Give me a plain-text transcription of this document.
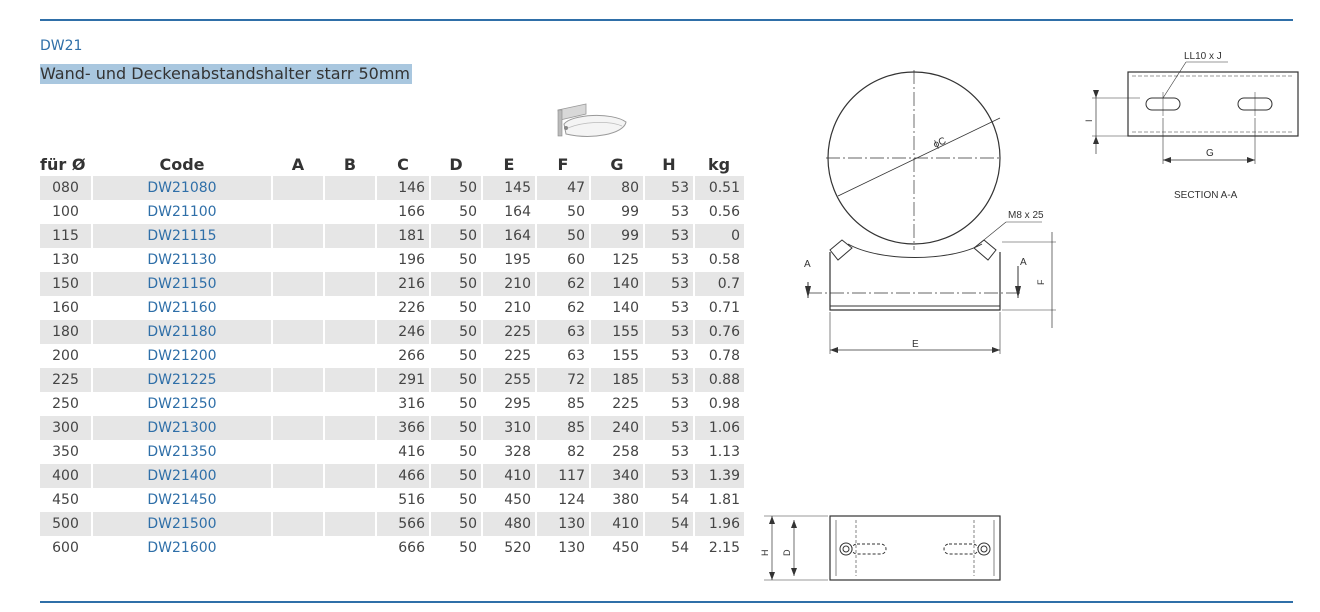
DW21
Wand- und Deckenabstandshalter starr 50mm
für Ø	Code	A	B	C	D	E	F	G	H	kg
080	DW21080			146	50	145	47	80	53	0.51
100	DW21100			166	50	164	50	99	53	0.56
115	DW21115			181	50	164	50	99	53	0
130	DW21130			196	50	195	60	125	53	0.58
150	DW21150			216	50	210	62	140	53	0.7
160	DW21160			226	50	210	62	140	53	0.71
180	DW21180			246	50	225	63	155	53	0.76
200	DW21200			266	50	225	63	155	53	0.78
225	DW21225			291	50	255	72	185	53	0.88
250	DW21250			316	50	295	85	225	53	0.98
300	DW21300			366	50	310	85	240	53	1.06
350	DW21350			416	50	328	82	258	53	1.13
400	DW21400			466	50	410	117	340	53	1.39
450	DW21450			516	50	450	124	380	54	1.81
500	DW21500			566	50	480	130	410	54	1.96
600	DW21600			666	50	520	130	450	54	2.15
ϕC
M8 x 25
A	A
E
F
LL10 x J
I
G
SECTION A-A
H D
